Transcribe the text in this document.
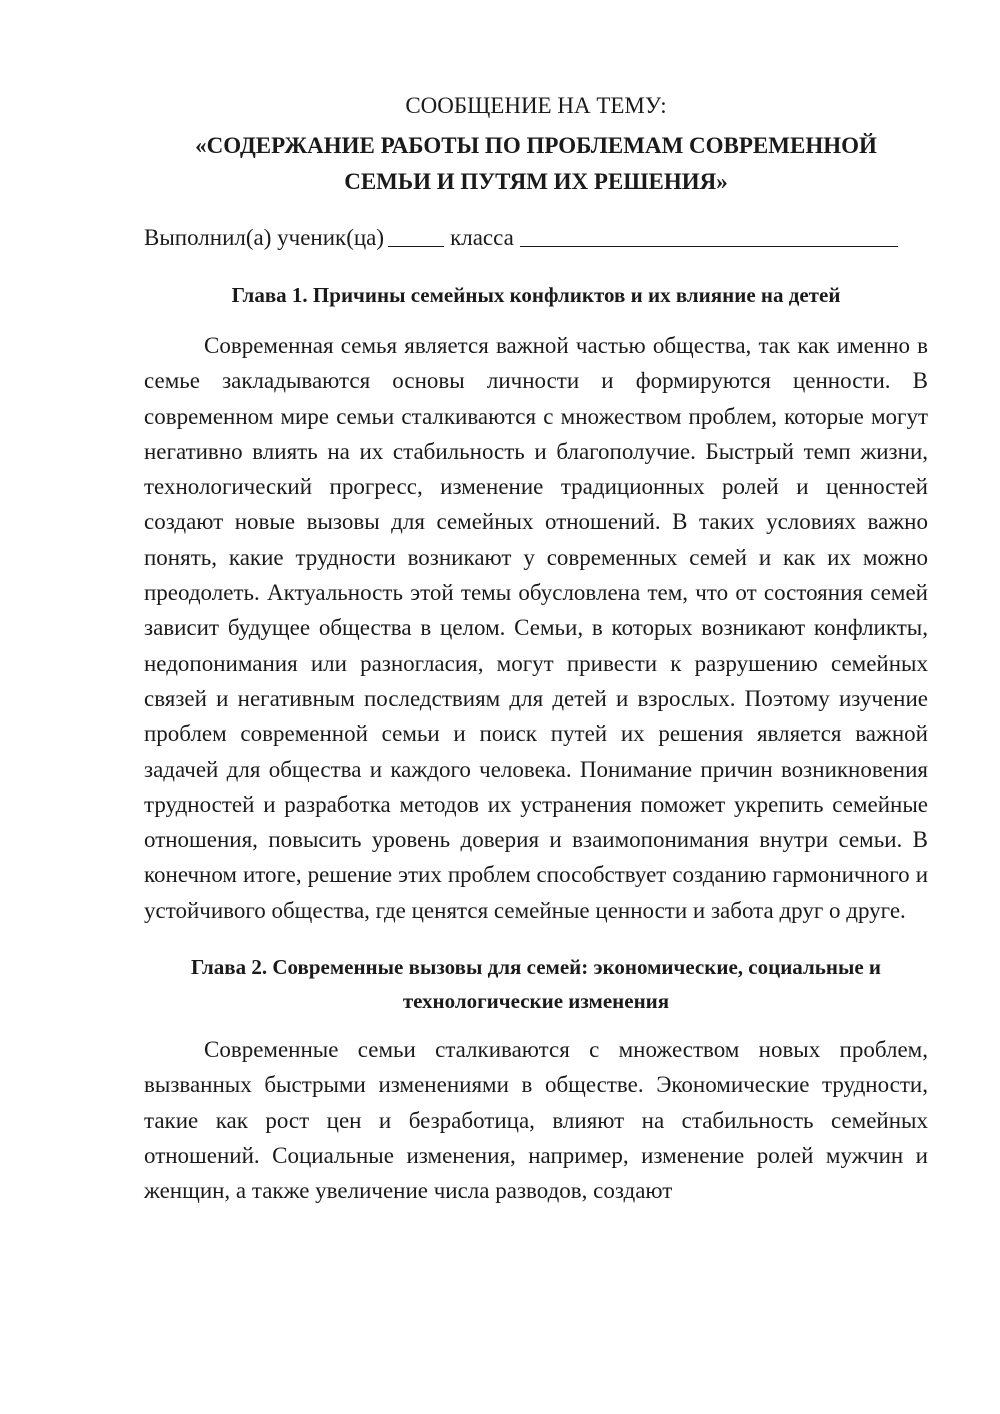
СООБЩЕНИЕ НА ТЕМУ:

«СОДЕРЖАНИЕ РАБОТЫ ПО ПРОБЛЕМАМ СОВРЕМЕННОЙ

СЕМЬИ И ПУТЯМ ИХ РЕШЕНИЯ»

Выполнил(а) ученик(ца)	класса

Глава 1. Причины семейных конфликтов и их влияние на детей

Современная семья является важной частью общества, так как именно в семье закладываются основы личности и формируются ценности. В современном мире семьи сталкиваются с множеством проблем, которые могут негативно влиять на их стабильность и благополучие. Быстрый темп жизни, технологический прогресс, изменение традиционных ролей и ценностей создают новые вызовы для семейных отношений. В таких условиях важно понять, какие трудности возникают у современных семей и как их можно преодолеть. Актуальность этой темы обусловлена тем, что от состояния семей зависит будущее общества в целом. Семьи, в которых возникают конфликты, недопонимания или разногласия, могут привести к разрушению семейных связей и негативным последствиям для детей и взрослых. Поэтому изучение проблем современной семьи и поиск путей их решения является важной задачей для общества и каждого человека. Понимание причин возникновения трудностей и разработка методов их устранения поможет укрепить семейные отношения, повысить уровень доверия и взаимопонимания внутри семьи. В конечном итоге, решение этих проблем способствует созданию гармоничного и устойчивого общества, где ценятся семейные ценности и забота друг о друге.

Глава 2. Современные вызовы для семей: экономические, социальные и
технологические изменения

Современные семьи сталкиваются с множеством новых проблем, вызванных быстрыми изменениями в обществе. Экономические трудности, такие как рост цен и безработица, влияют на стабильность семейных отношений. Социальные изменения, например, изменение ролей мужчин и женщин, а также увеличение числа разводов, создают
